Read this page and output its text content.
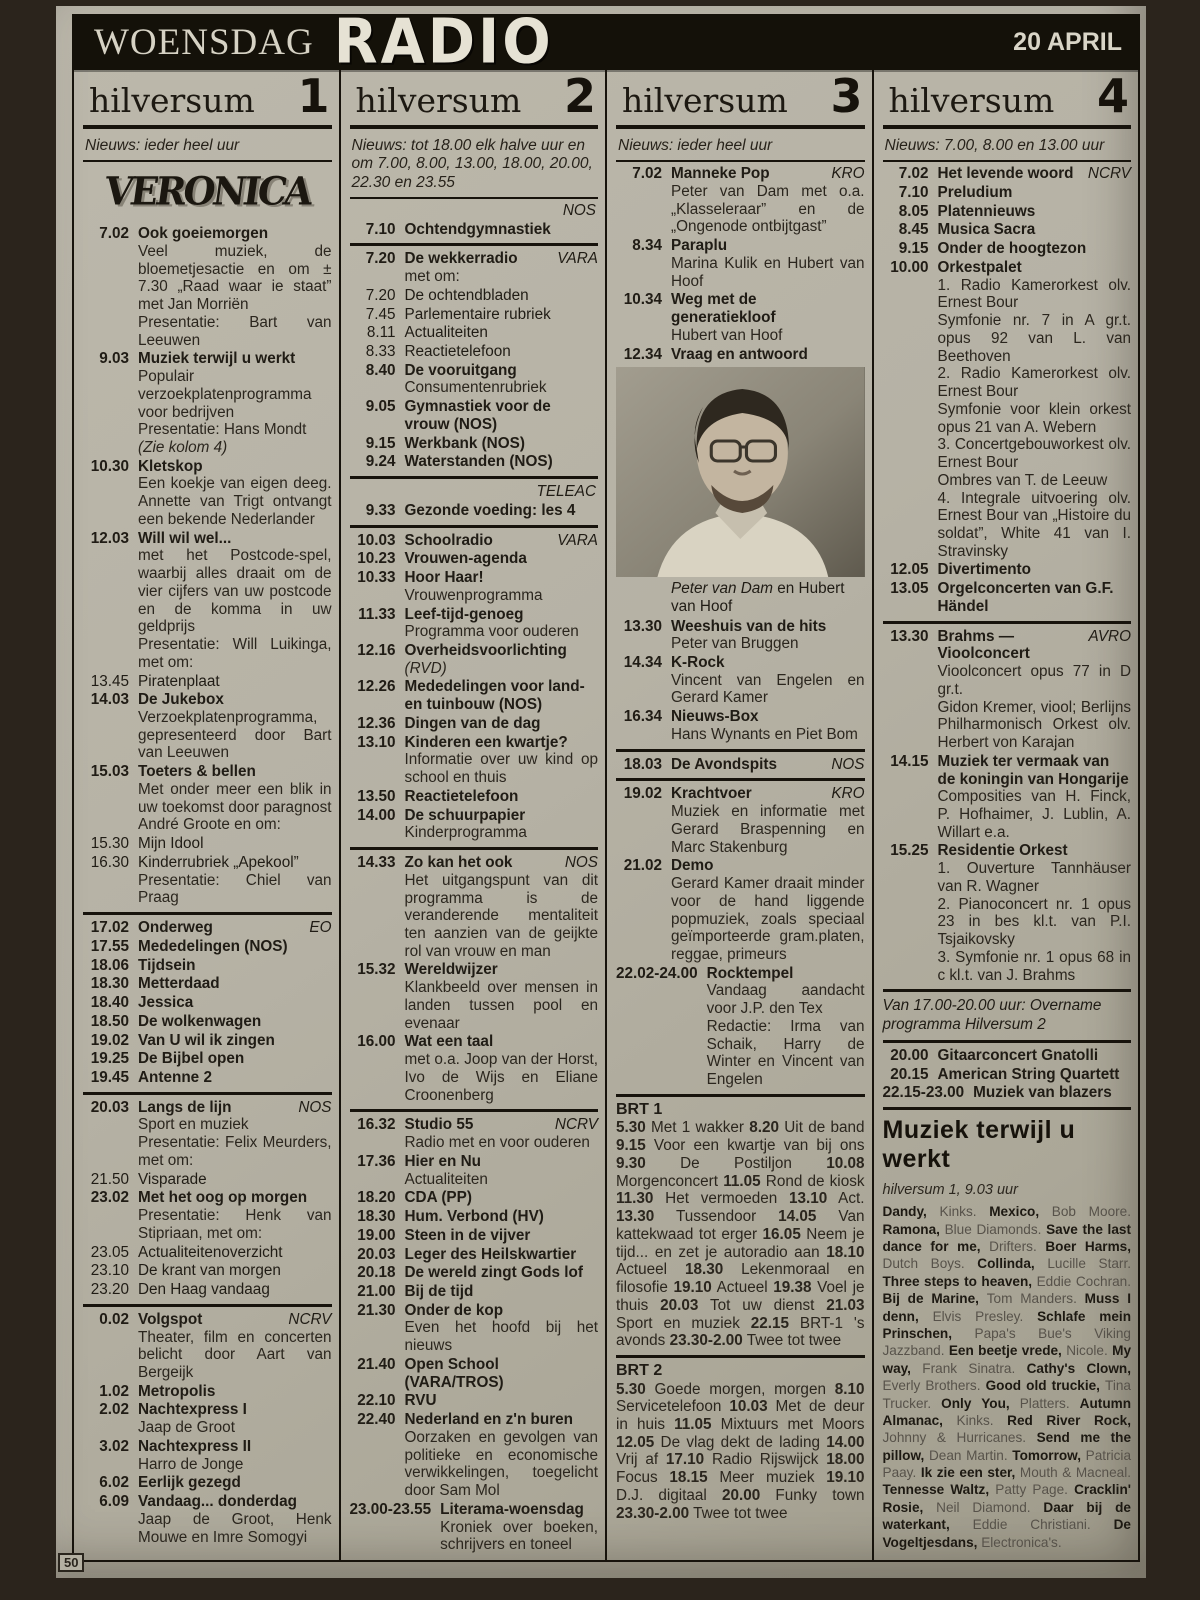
WOENSDAG RADIO	20 APRIL
hilversum 1
Nieuws: ieder heel uur
VERONICA
7.02 Ook goeiemorgen
Veel muziek, de bloemetjesactie en om ± 7.30 „Raad waar ie staat” met Jan Morriën
Presentatie: Bart van Leeuwen
9.03 Muziek terwijl u werkt
Populair verzoekplatenprogramma voor bedrijven
Presentatie: Hans Mondt
(Zie kolom 4)
10.30 Kletskop
Een koekje van eigen deeg. Annette van Trigt ontvangt een bekende Nederlander
12.03 Will wil wel...
met het Postcode-spel, waarbij alles draait om de vier cijfers van uw postcode en de komma in uw geldprijs
Presentatie: Will Luikinga, met om:
13.45 Piratenplaat
14.03 De Jukebox
Verzoekplatenprogramma, gepresenteerd door Bart van Leeuwen
15.03 Toeters & bellen
Met onder meer een blik in uw toekomst door paragnost André Groote en om:
15.30 Mijn Idool
16.30 Kinderrubriek „Apekool”
Presentatie: Chiel van Praag
17.02 Onderweg	EO
17.55 Mededelingen (NOS)
18.06 Tijdsein
18.30 Metterdaad
18.40 Jessica
18.50 De wolkenwagen
19.02 Van U wil ik zingen
19.25 De Bijbel open
19.45 Antenne 2
20.03 Langs de lijn	NOS
Sport en muziek
Presentatie: Felix Meurders, met om:
21.50 Visparade
23.02 Met het oog op morgen
Presentatie: Henk van Stipriaan, met om:
23.05 Actualiteitenoverzicht
23.10 De krant van morgen
23.20 Den Haag vandaag
0.02 Volgspot	NCRV
Theater, film en concerten belicht door Aart van Bergeijk
1.02 Metropolis
2.02 Nachtexpress I
Jaap de Groot
3.02 Nachtexpress II
Harro de Jonge
6.02 Eerlijk gezegd
6.09 Vandaag... donderdag
Jaap de Groot, Henk Mouwe en Imre Somogyi
hilversum 2
Nieuws: tot 18.00 elk halve uur en om 7.00, 8.00, 13.00, 18.00, 20.00, 22.30 en 23.55
NOS
7.10 Ochtendgymnastiek
7.20 De wekkerradio	VARA
met om:
7.20 De ochtendbladen
7.45 Parlementaire rubriek
8.11 Actualiteiten
8.33 Reactietelefoon
8.40 De vooruitgang
Consumentenrubriek
9.05 Gymnastiek voor de vrouw (NOS)
9.15 Werkbank (NOS)
9.24 Waterstanden (NOS)
TELEAC
9.33 Gezonde voeding: les 4
10.03 Schoolradio	VARA
10.23 Vrouwen-agenda
10.33 Hoor Haar!
Vrouwenprogramma
11.33 Leef-tijd-genoeg
Programma voor ouderen
12.16 Overheidsvoorlichting
(RVD)
12.26 Mededelingen voor land- en tuinbouw (NOS)
12.36 Dingen van de dag
13.10 Kinderen een kwartje?
Informatie over uw kind op school en thuis
13.50 Reactietelefoon
14.00 De schuurpapier
Kinderprogramma
14.33 Zo kan het ook	NOS
Het uitgangspunt van dit programma is de veranderende mentaliteit ten aanzien van de geijkte rol van vrouw en man
15.32 Wereldwijzer
Klankbeeld over mensen in landen tussen pool en evenaar
16.00 Wat een taal
met o.a. Joop van der Horst, Ivo de Wijs en Eliane Croonenberg
16.32 Studio 55	NCRV
Radio met en voor ouderen
17.36 Hier en Nu
Actualiteiten
18.20 CDA (PP)
18.30 Hum. Verbond (HV)
19.00 Steen in de vijver
20.03 Leger des Heilskwartier
20.18 De wereld zingt Gods lof
21.00 Bij de tijd
21.30 Onder de kop
Even het hoofd bij het nieuws
21.40 Open School (VARA/TROS)
22.10 RVU
22.40 Nederland en z'n buren
Oorzaken en gevolgen van politieke en economische verwikkelingen, toegelicht door Sam Mol
23.00-23.55 Literama-woensdag
Kroniek over boeken, schrijvers en toneel
hilversum 3
Nieuws: ieder heel uur
7.02 Manneke Pop	KRO
Peter van Dam met o.a. „Klasseleraar” en de „Ongenode ontbijtgast”
8.34 Paraplu
Marina Kulik en Hubert van Hoof
10.34 Weg met de generatiekloof
Hubert van Hoof
12.34 Vraag en antwoord
Peter van Dam en Hubert van Hoof
13.30 Weeshuis van de hits
Peter van Bruggen
14.34 K-Rock
Vincent van Engelen en Gerard Kamer
16.34 Nieuws-Box
Hans Wynants en Piet Bom
18.03 De Avondspits	NOS
19.02 Krachtvoer	KRO
Muziek en informatie met Gerard Braspenning en Marc Stakenburg
21.02 Demo
Gerard Kamer draait minder voor de hand liggende popmuziek, zoals speciaal geïmporteerde gram.platen, reggae, primeurs
22.02-24.00 Rocktempel
Vandaag aandacht voor J.P. den Tex
Redactie: Irma van Schaik, Harry de Winter en Vincent van Engelen
BRT 1
5.30 Met 1 wakker 8.20 Uit de band 9.15 Voor een kwartje van bij ons 9.30 De Postiljon 10.08 Morgenconcert 11.05 Rond de kiosk 11.30 Het vermoeden 13.10 Act. 13.30 Tussendoor 14.05 Van kattekwaad tot erger 16.05 Neem je tijd... en zet je autoradio aan 18.10 Actueel 18.30 Lekenmoraal en filosofie 19.10 Actueel 19.38 Voel je thuis 20.03 Tot uw dienst 21.03 Sport en muziek 22.15 BRT-1 's avonds 23.30-2.00 Twee tot twee
BRT 2
5.30 Goede morgen, morgen 8.10 Servicetelefoon 10.03 Met de deur in huis 11.05 Mixtuurs met Moors 12.05 De vlag dekt de lading 14.00 Vrij af 17.10 Radio Rijswijck 18.00 Focus 18.15 Meer muziek 19.10 D.J. digitaal 20.00 Funky town 23.30-2.00 Twee tot twee
hilversum 4
Nieuws: 7.00, 8.00 en 13.00 uur
7.02 Het levende woord NCRV
7.10 Preludium
8.05 Platennieuws
8.45 Musica Sacra
9.15 Onder de hoogtezon
10.00 Orkestpalet
1. Radio Kamerorkest olv. Ernest Bour
Symfonie nr. 7 in A gr.t. opus 92 van L. van Beethoven
2. Radio Kamerorkest olv. Ernest Bour
Symfonie voor klein orkest opus 21 van A. Webern
3. Concertgebouworkest olv. Ernest Bour
Ombres van T. de Leeuw
4. Integrale uitvoering olv. Ernest Bour van „Histoire du soldat”, White 41 van I. Stravinsky
12.05 Divertimento
13.05 Orgelconcerten van G.F. Händel
13.30 Brahms — Vioolconcert
AVRO
Vioolconcert opus 77 in D gr.t.
Gidon Kremer, viool; Berlijns Philharmonisch Orkest olv. Herbert von Karajan
14.15 Muziek ter vermaak van de koningin van Hongarije
Composities van H. Finck, P. Hofhaimer, J. Lublin, A. Willart e.a.
15.25 Residentie Orkest
1. Ouverture Tannhäuser van R. Wagner
2. Pianoconcert nr. 1 opus 23 in bes kl.t. van P.I. Tsjaikovsky
3. Symfonie nr. 1 opus 68 in c kl.t. van J. Brahms
Van 17.00-20.00 uur: Overname programma Hilversum 2
20.00 Gitaarconcert Gnatolli
20.15 American String Quartett
22.15-23.00 Muziek van blazers
Muziek terwijl u werkt
hilversum 1, 9.03 uur
Dandy, Kinks. Mexico, Bob Moore. Ramona, Blue Diamonds. Save the last dance for me, Drifters. Boer Harms, Dutch Boys. Collinda, Lucille Starr. Three steps to heaven, Eddie Cochran. Bij de Marine, Tom Manders. Muss I denn, Elvis Presley. Schlafe mein Prinschen, Papa's Bue's Viking Jazzband. Een beetje vrede, Nicole. My way, Frank Sinatra. Cathy's Clown, Everly Brothers. Good old truckie, Tina Trucker. Only You, Platters. Autumn Almanac, Kinks. Red River Rock, Johnny & Hurricanes. Send me the pillow, Dean Martin. Tomorrow, Patricia Paay. Ik zie een ster, Mouth & Macneal. Tennesse Waltz, Patty Page. Cracklin' Rosie, Neil Diamond. Daar bij de waterkant, Eddie Christiani. De Vogeltjesdans, Electronica's.
50
